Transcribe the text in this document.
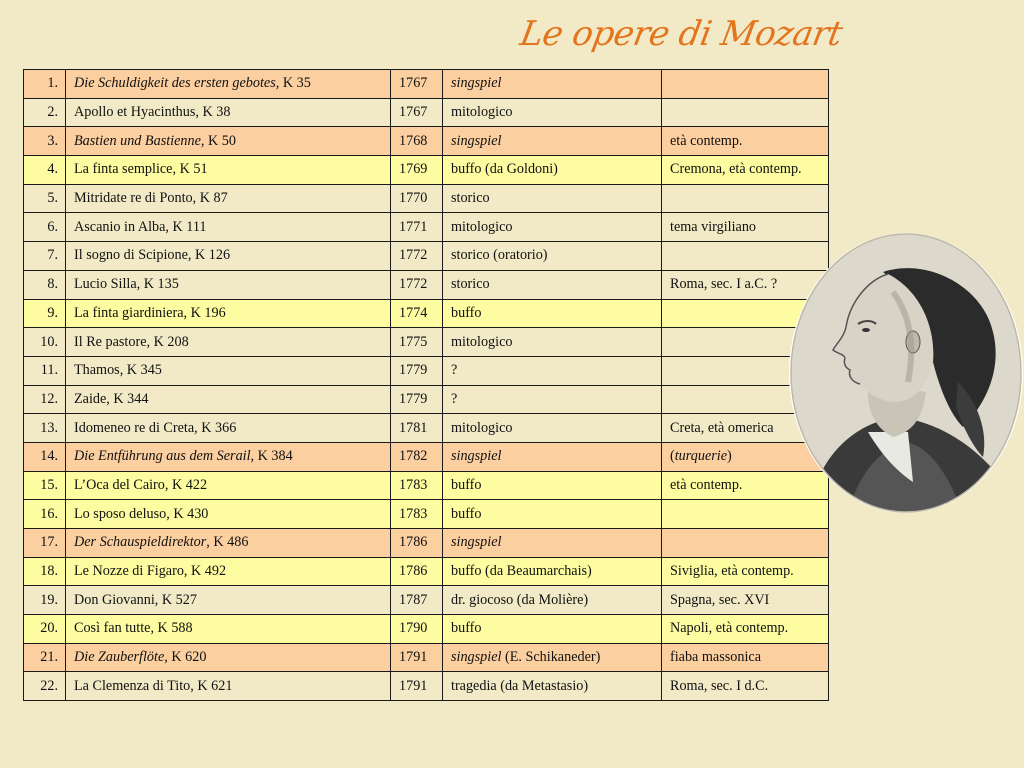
Le opere di Mozart
1.	Die Schuldigkeit des ersten gebotes, K 35	1767	singspiel	
2.	Apollo et Hyacinthus, K 38	1767	mitologico	
3.	Bastien und Bastienne, K 50	1768	singspiel	età contemp.
4.	La finta semplice, K 51	1769	buffo (da Goldoni)	Cremona, età contemp.
5.	Mitridate re di Ponto, K 87	1770	storico	
6.	Ascanio in Alba, K 111	1771	mitologico	tema virgiliano
7.	Il sogno di Scipione, K 126	1772	storico (oratorio)	
8.	Lucio Silla, K 135	1772	storico	Roma, sec. I a.C. ?
9.	La finta giardiniera, K 196	1774	buffo	
10.	Il Re pastore, K 208	1775	mitologico	
11.	Thamos, K 345	1779	?	
12.	Zaide, K 344	1779	?	
13.	Idomeneo re di Creta, K 366	1781	mitologico	Creta, età omerica
14.	Die Entführung aus dem Serail, K 384	1782	singspiel	(turquerie)
15.	L’Oca del Cairo, K 422	1783	buffo	età contemp.
16.	Lo sposo deluso, K 430	1783	buffo	
17.	Der Schauspieldirektor, K 486	1786	singspiel	
18.	Le Nozze di Figaro, K 492	1786	buffo (da Beaumarchais)	Siviglia, età contemp.
19.	Don Giovanni, K 527	1787	dr. giocoso (da Molière)	Spagna, sec. XVI
20.	Così fan tutte, K 588	1790	buffo	Napoli, età contemp.
21.	Die Zauberflöte, K 620	1791	singspiel (E. Schikaneder)	fiaba massonica
22.	La Clemenza di Tito, K 621	1791	tragedia (da Metastasio)	Roma, sec. I d.C.
